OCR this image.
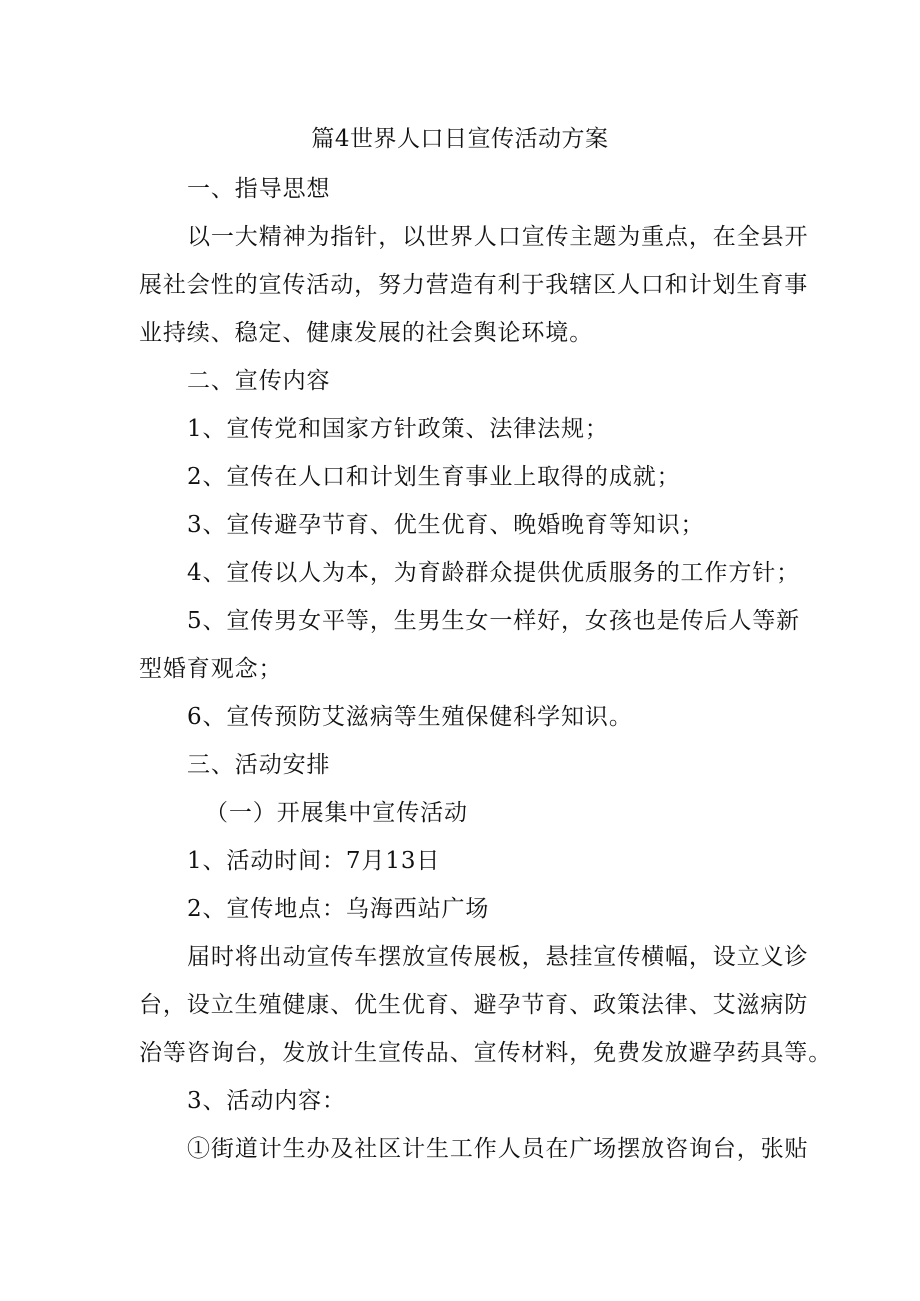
篇4世界人口日宣传活动方案
一、指导思想
以一大精神为指针，以世界人口宣传主题为重点，在全县开
展社会性的宣传活动，努力营造有利于我辖区人口和计划生育事
业持续、稳定、健康发展的社会舆论环境。
二、宣传内容
1、宣传党和国家方针政策、法律法规；
2、宣传在人口和计划生育事业上取得的成就；
3、宣传避孕节育、优生优育、晚婚晚育等知识；
4、宣传以人为本，为育龄群众提供优质服务的工作方针；
5、宣传男女平等，生男生女一样好，女孩也是传后人等新
型婚育观念；
6、宣传预防艾滋病等生殖保健科学知识。
三、活动安排
（一）开展集中宣传活动
1、活动时间：7月13日
2、宣传地点：乌海西站广场
届时将出动宣传车摆放宣传展板，悬挂宣传横幅，设立义诊
台，设立生殖健康、优生优育、避孕节育、政策法律、艾滋病防
治等咨询台，发放计生宣传品、宣传材料，免费发放避孕药具等。
3、活动内容：
①街道计生办及社区计生工作人员在广场摆放咨询台，张贴
